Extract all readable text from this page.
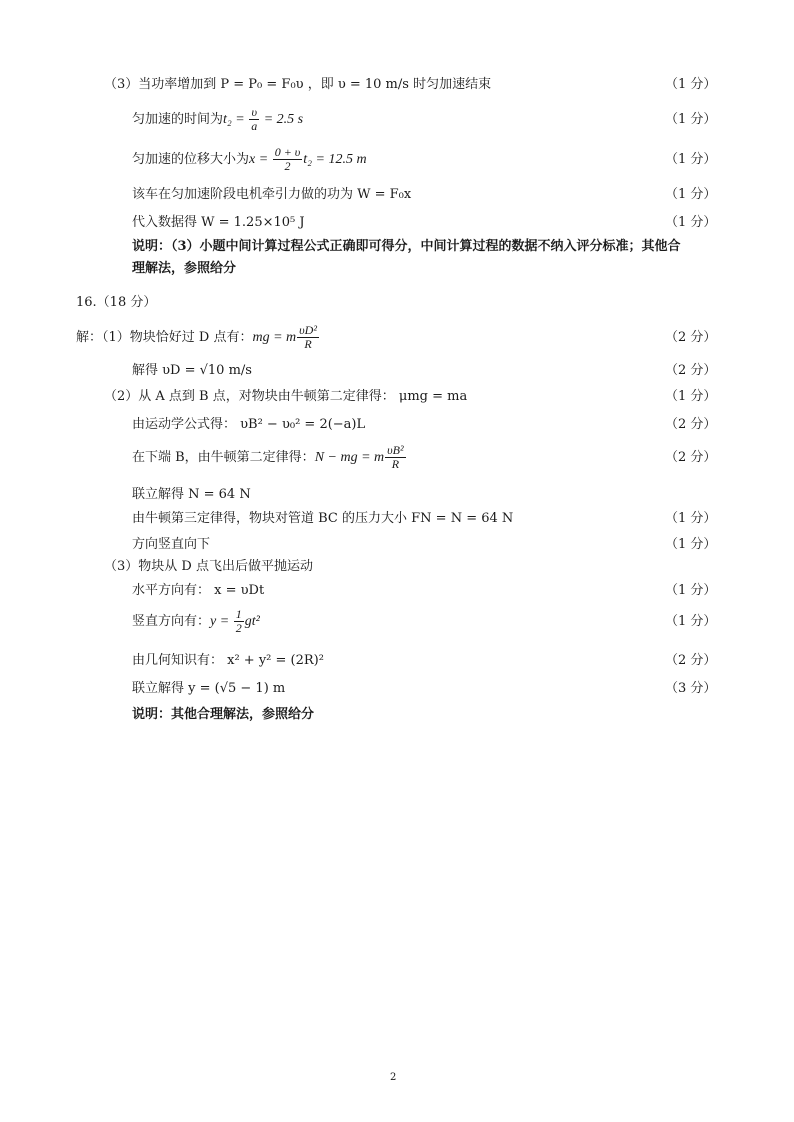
（3）当功率增加到 P = P₀ = F₀υ ，即 υ = 10 m/s 时匀加速结束	（1 分）
匀加速的时间为$t_2 = \frac{\upsilon}{a} = 2.5$ s	（1 分）
匀加速的位移大小为$x = \frac{0 + \upsilon}{2} t_2 = 12.5$ m	（1 分）
该车在匀加速阶段电机牵引力做的功为 W = F₀x	（1 分）
代入数据得 W = 1.25×10⁵ J	（1 分）
说明：（3）小题中间计算过程公式正确即可得分，中间计算过程的数据不纳入评分标准；其他合
理解法，参照给分
16.（18 分）
解：（1）物块恰好过 D 点有：mg = m $\frac{\text{υD²}}{R}$	（2 分）
解得 υD = √10 m/s	（2 分）
（2）从 A 点到 B 点，对物块由牛顿第二定律得： μmg = ma	（1 分）
由运动学公式得： υB² − υ₀² = 2(−a)L	（2 分）
在下端 B，由牛顿第二定律得：N − mg = m $\frac{\text{υB²}}{R}$	（2 分）
联立解得 N = 64 N
由牛顿第三定律得，物块对管道 BC 的压力大小 FN = N = 64 N	（1 分）
方向竖直向下	（1 分）
（3）物块从 D 点飞出后做平抛运动
水平方向有： x = υDt	（1 分）
竖直方向有：$y = \frac{1}{2} gt^2$	（1 分）
由几何知识有： x² + y² = (2R)²	（2 分）
联立解得 y = (√5 − 1) m	（3 分）
说明：其他合理解法，参照给分
2
